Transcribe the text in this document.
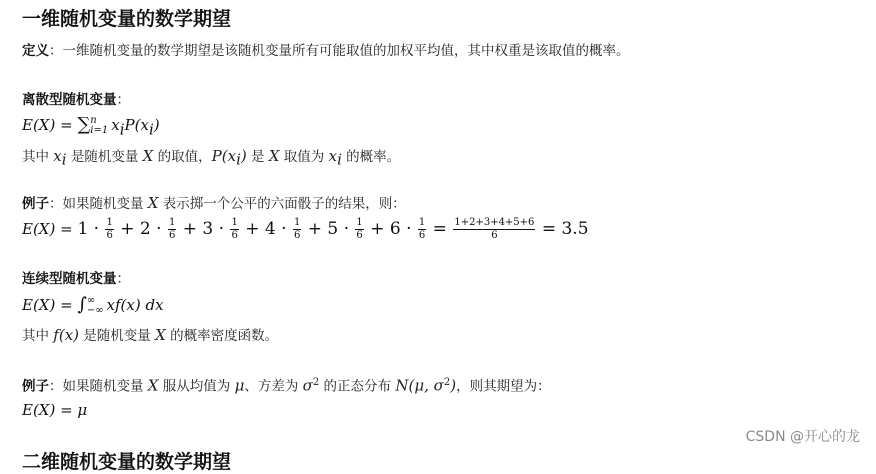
一维随机变量的数学期望
定义：一维随机变量的数学期望是该随机变量所有可能取值的加权平均值，其中权重是该取值的概率。
离散型随机变量：
E(X) = ∑ n
i=1 $x_iP(x_i)$
其中 $x_i$ 是随机变量 X 的取值，$P(x_i)$ 是 X 取值为 $x_i$ 的概率。
例子：如果随机变量 X 表示掷一个公平的六面骰子的结果，则：
$E(X) = 1 \cdot \frac{1}{6} + 2 \cdot \frac{1}{6} + 3 \cdot \frac{1}{6} + 4 \cdot \frac{1}{6} + 5 \cdot \frac{1}{6} + 6 \cdot \frac{1}{6} = \frac{1+2+3+4+5+6}{6} = 3.5$
连续型随机变量：
E(X) = ∫ ∞
−∞ xf(x) dx
其中 f(x) 是随机变量 X 的概率密度函数。
例子：如果随机变量 X 服从均值为 μ、方差为 $\sigma^2$ 的正态分布 N(μ, $\sigma^2$)，则其期望为：
E(X) = μ
二维随机变量的数学期望
CSDN @开心的龙
